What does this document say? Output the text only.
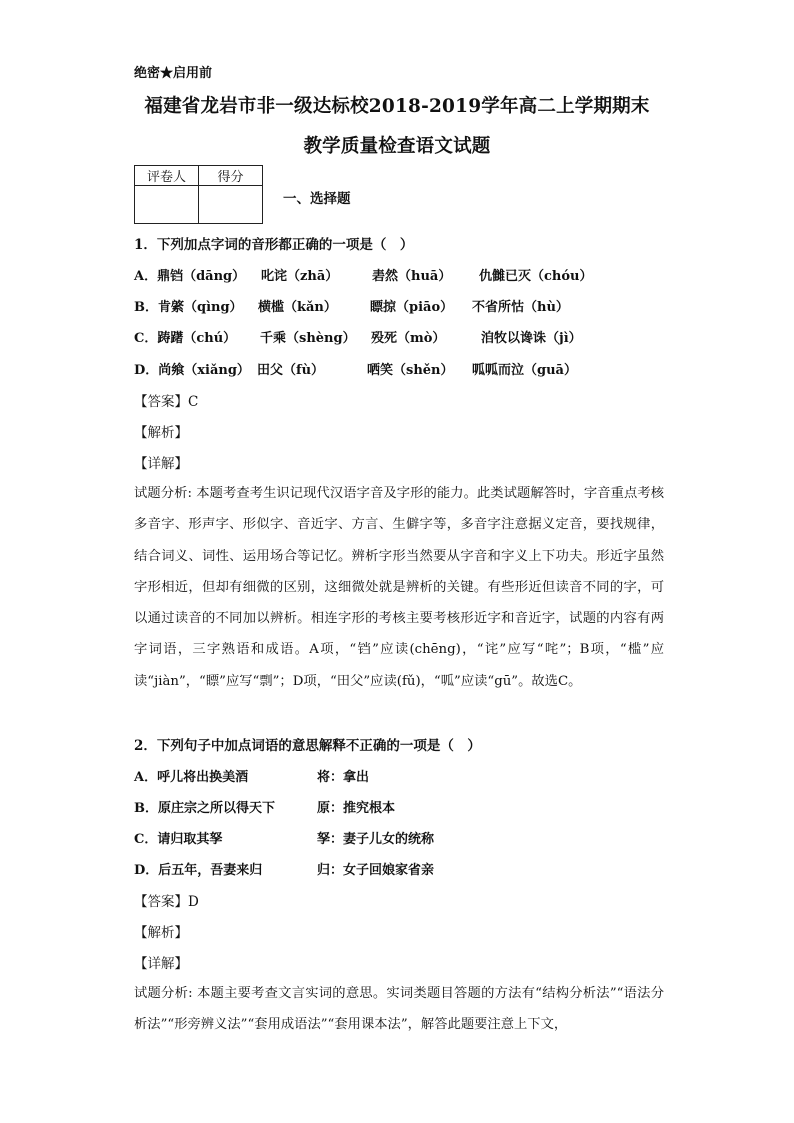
绝密★启用前
福建省龙岩市非一级达标校2018-2019学年高二上学期期末
教学质量检查语文试题
评卷人	得分

一、选择题
1．下列加点字词的音形都正确的一项是（　）
A．鼎铛（dāng） 叱诧（zhā）	砉然（huā） 仇雠已灭（chóu）
B．肯綮（qìng） 横槛（kǎn）	瞟掠（piāo） 不省所怙（hù）
C．踌躇（chú） 千乘（shèng） 殁死（mò）	洎牧以谗诛（jì）
D．尚飨（xiǎng） 田父（fù）	哂笑（shěn） 呱呱而泣（guā）
【答案】C
【解析】
【详解】
试题分析: 本题考查考生识记现代汉语字音及字形的能力。此类试题解答时，字音重点考核多音字、形声字、形似字、音近字、方言、生僻字等，多音字注意据义定音，要找规律，结合词义、词性、运用场合等记忆。辨析字形当然要从字音和字义上下功夫。形近字虽然字形相近，但却有细微的区别，这细微处就是辨析的关键。有些形近但读音不同的字，可以通过读音的不同加以辨析。相连字形的考核主要考核形近字和音近字，试题的内容有两字词语，三字熟语和成语。A项，“铛”应读(chēng)，“诧”应写“咤”；B项，“槛”应读“jiàn”，“瞟”应写“剽”；D项，“田父”应读(fǔ)，“呱”应读“gū”。故选C。
2．下列句子中加点词语的意思解释不正确的一项是（　）
A．呼儿将出换美酒	将：拿出
B．原庄宗之所以得天下	原：推究根本
C．请归取其孥	孥：妻子儿女的统称
D．后五年，吾妻来归	归：女子回娘家省亲
【答案】D
【解析】
【详解】
试题分析: 本题主要考查文言实词的意思。实词类题目答题的方法有“结构分析法”“语法分析法”“形旁辨义法”“套用成语法”“套用课本法”，解答此题要注意上下文，
